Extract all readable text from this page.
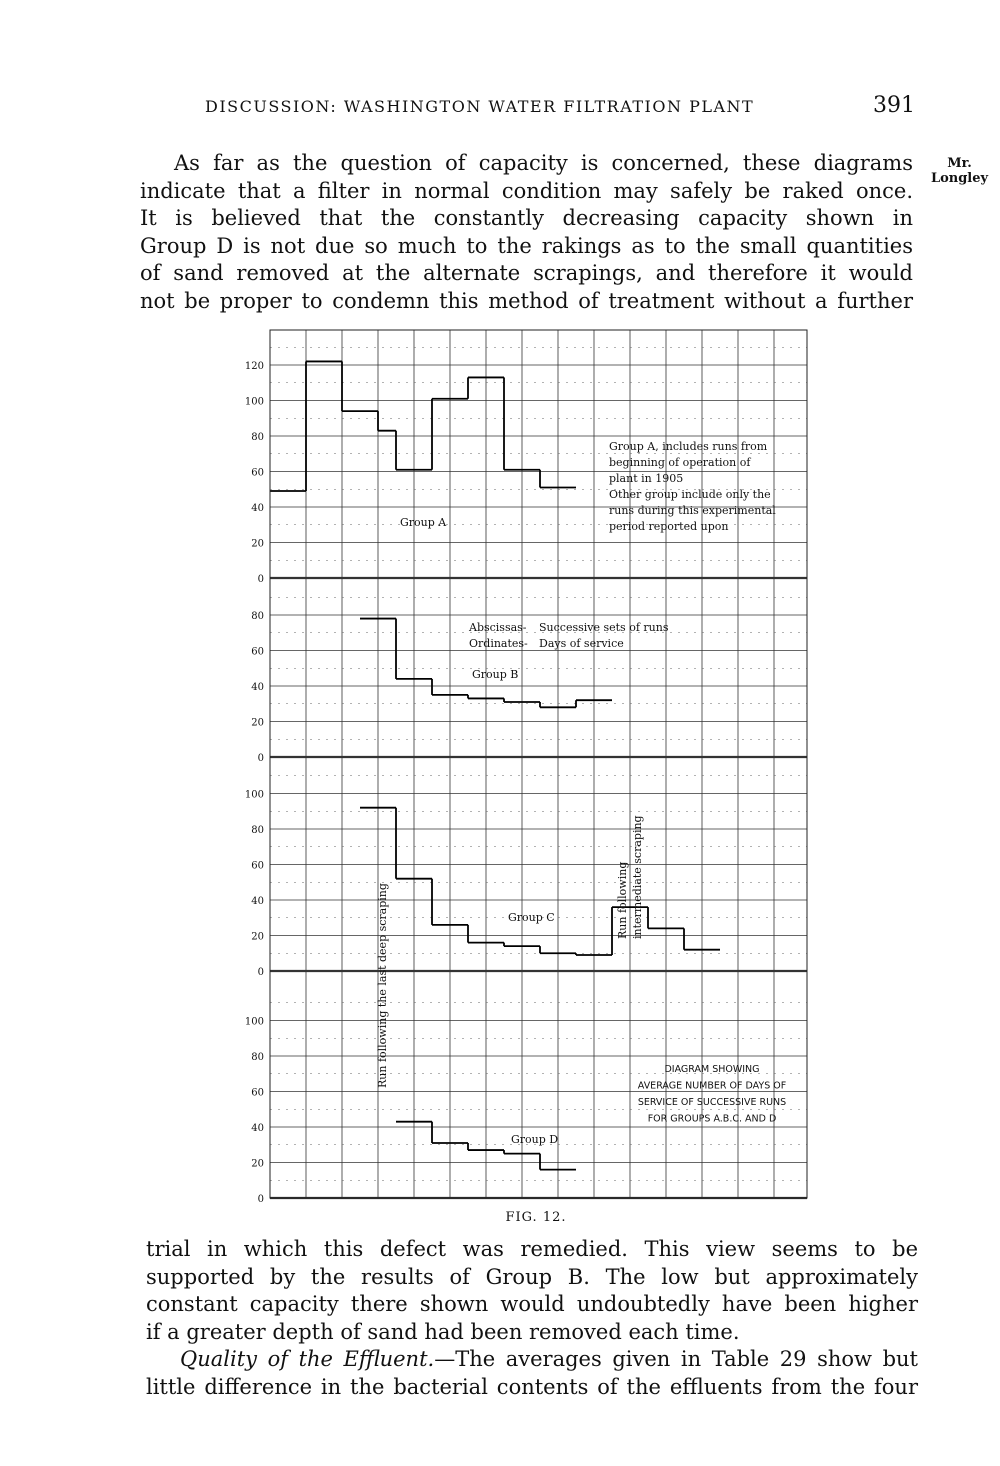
DISCUSSION: WASHINGTON WATER FILTRATION PLANT	391
Mr.
Longley
As far as the question of capacity is concerned, these diagrams
indicate that a filter in normal condition may safely be raked once.
It is believed that the constantly decreasing capacity shown in
Group D is not due so much to the rakings as to the small quantities
of sand removed at the alternate scrapings, and therefore it would
not be proper to condemn this method of treatment without a further
0
20
40
60
80
100
120
0
20
40
60
80
0
20
40
60
80
100
0
20
40
60
80
100
Group A
Group B
Group C
Group D
Group A, includes runs from
beginning of operation of
plant in 1905
Other group include only the
runs during this experimental
period reported upon
Abscissas- Successive sets of runs
Ordinates- Days of service
Run following the last deep scraping	Run following intermediate scraping
DIAGRAM SHOWING
AVERAGE NUMBER OF DAYS OF
SERVICE OF SUCCESSIVE RUNS
FOR GROUPS A.B.C. AND D
FIG. 12.
trial in which this defect was remedied. This view seems to be
supported by the results of Group B. The low but approximately
constant capacity there shown would undoubtedly have been higher
if a greater depth of sand had been removed each time.
Quality of the Effluent.—The averages given in Table 29 show but
little difference in the bacterial contents of the effluents from the four
